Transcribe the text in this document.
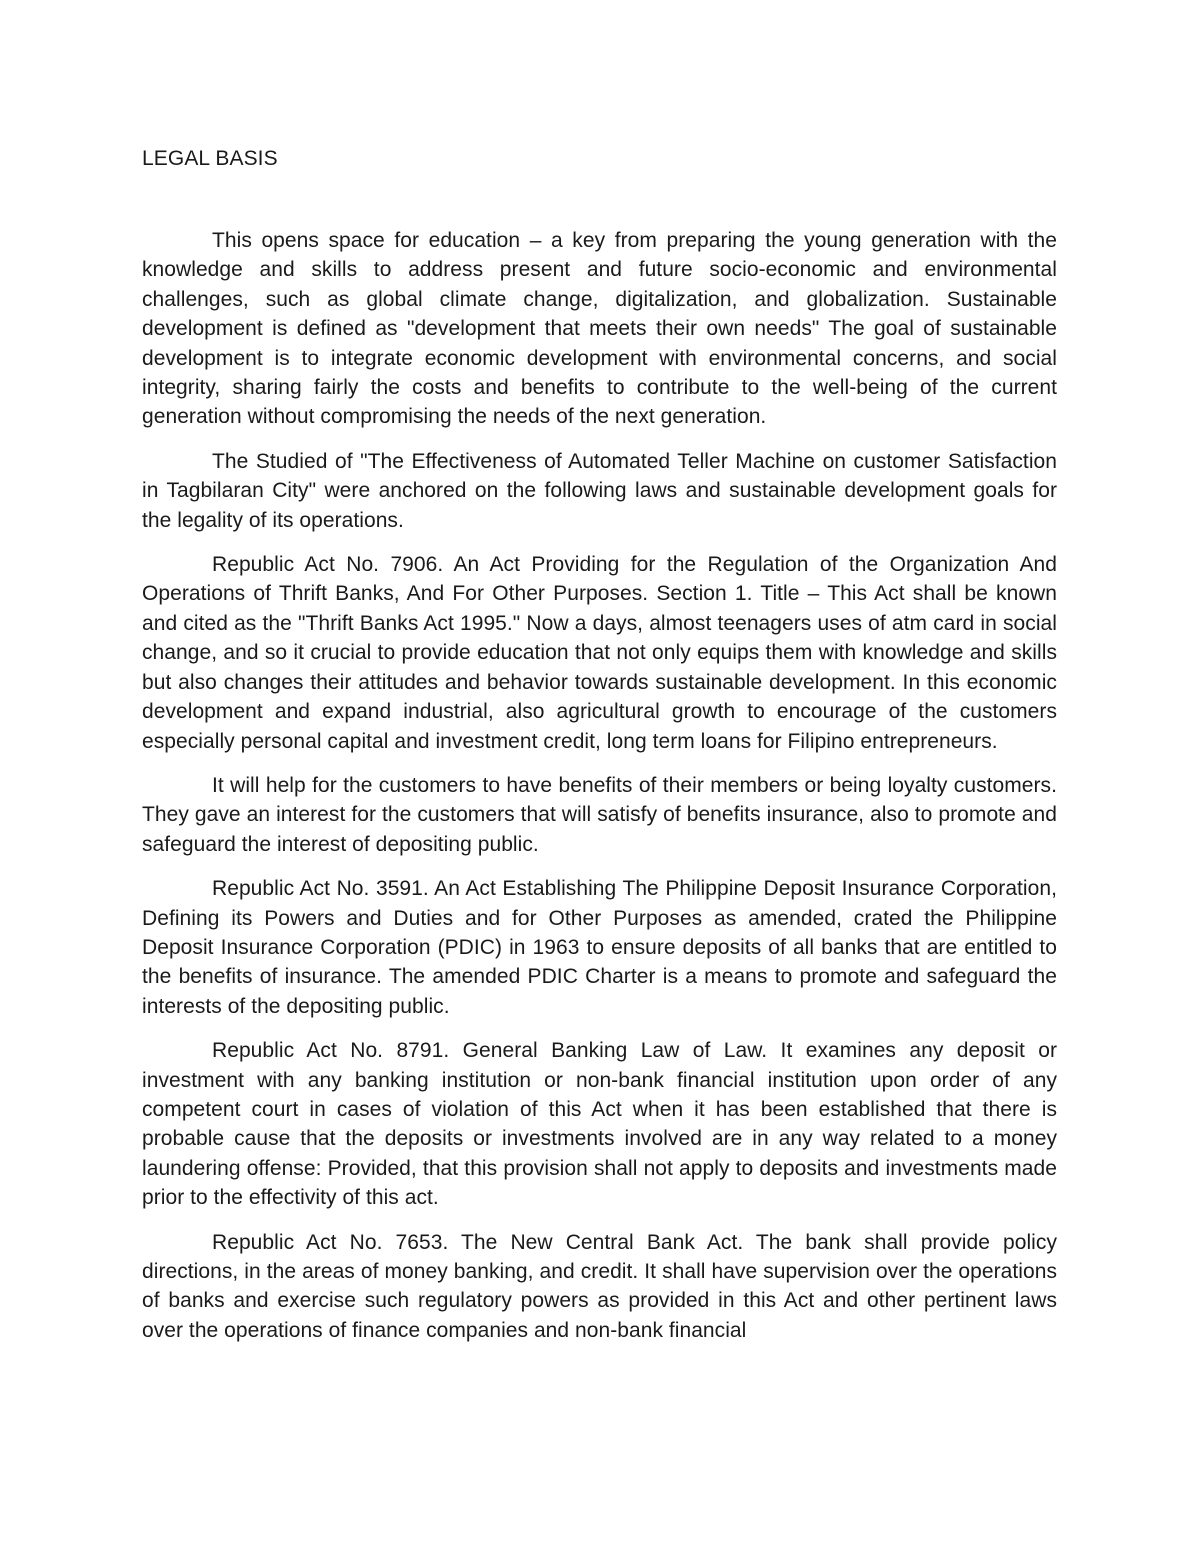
LEGAL BASIS

This opens space for education – a key from preparing the young generation with the knowledge and skills to address present and future socio-economic and environmental challenges, such as global climate change, digitalization, and globalization. Sustainable development is defined as "development that meets their own needs" The goal of sustainable development is to integrate economic development with environmental concerns, and social integrity, sharing fairly the costs and benefits to contribute to the well-being of the current generation without compromising the needs of the next generation.

The Studied of "The Effectiveness of Automated Teller Machine on customer Satisfaction in Tagbilaran City" were anchored on the following laws and sustainable development goals for the legality of its operations.

Republic Act No. 7906. An Act Providing for the Regulation of the Organization And Operations of Thrift Banks, And For Other Purposes. Section 1. Title – This Act shall be known and cited as the "Thrift Banks Act 1995." Now a days, almost teenagers uses of atm card in social change, and so it crucial to provide education that not only equips them with knowledge and skills but also changes their attitudes and behavior towards sustainable development. In this economic development and expand industrial, also agricultural growth to encourage of the customers especially personal capital and investment credit, long term loans for Filipino entrepreneurs.

It will help for the customers to have benefits of their members or being loyalty customers. They gave an interest for the customers that will satisfy of benefits insurance, also to promote and safeguard the interest of depositing public.

Republic Act No. 3591. An Act Establishing The Philippine Deposit Insurance Corporation, Defining its Powers and Duties and for Other Purposes as amended, crated the Philippine Deposit Insurance Corporation (PDIC) in 1963 to ensure deposits of all banks that are entitled to the benefits of insurance. The amended PDIC Charter is a means to promote and safeguard the interests of the depositing public.

Republic Act No. 8791. General Banking Law of Law. It examines any deposit or investment with any banking institution or non-bank financial institution upon order of any competent court in cases of violation of this Act when it has been established that there is probable cause that the deposits or investments involved are in any way related to a money laundering offense: Provided, that this provision shall not apply to deposits and investments made prior to the effectivity of this act.

Republic Act No. 7653. The New Central Bank Act. The bank shall provide policy directions, in the areas of money banking, and credit. It shall have supervision over the operations of banks and exercise such regulatory powers as provided in this Act and other pertinent laws over the operations of finance companies and non-bank financial
